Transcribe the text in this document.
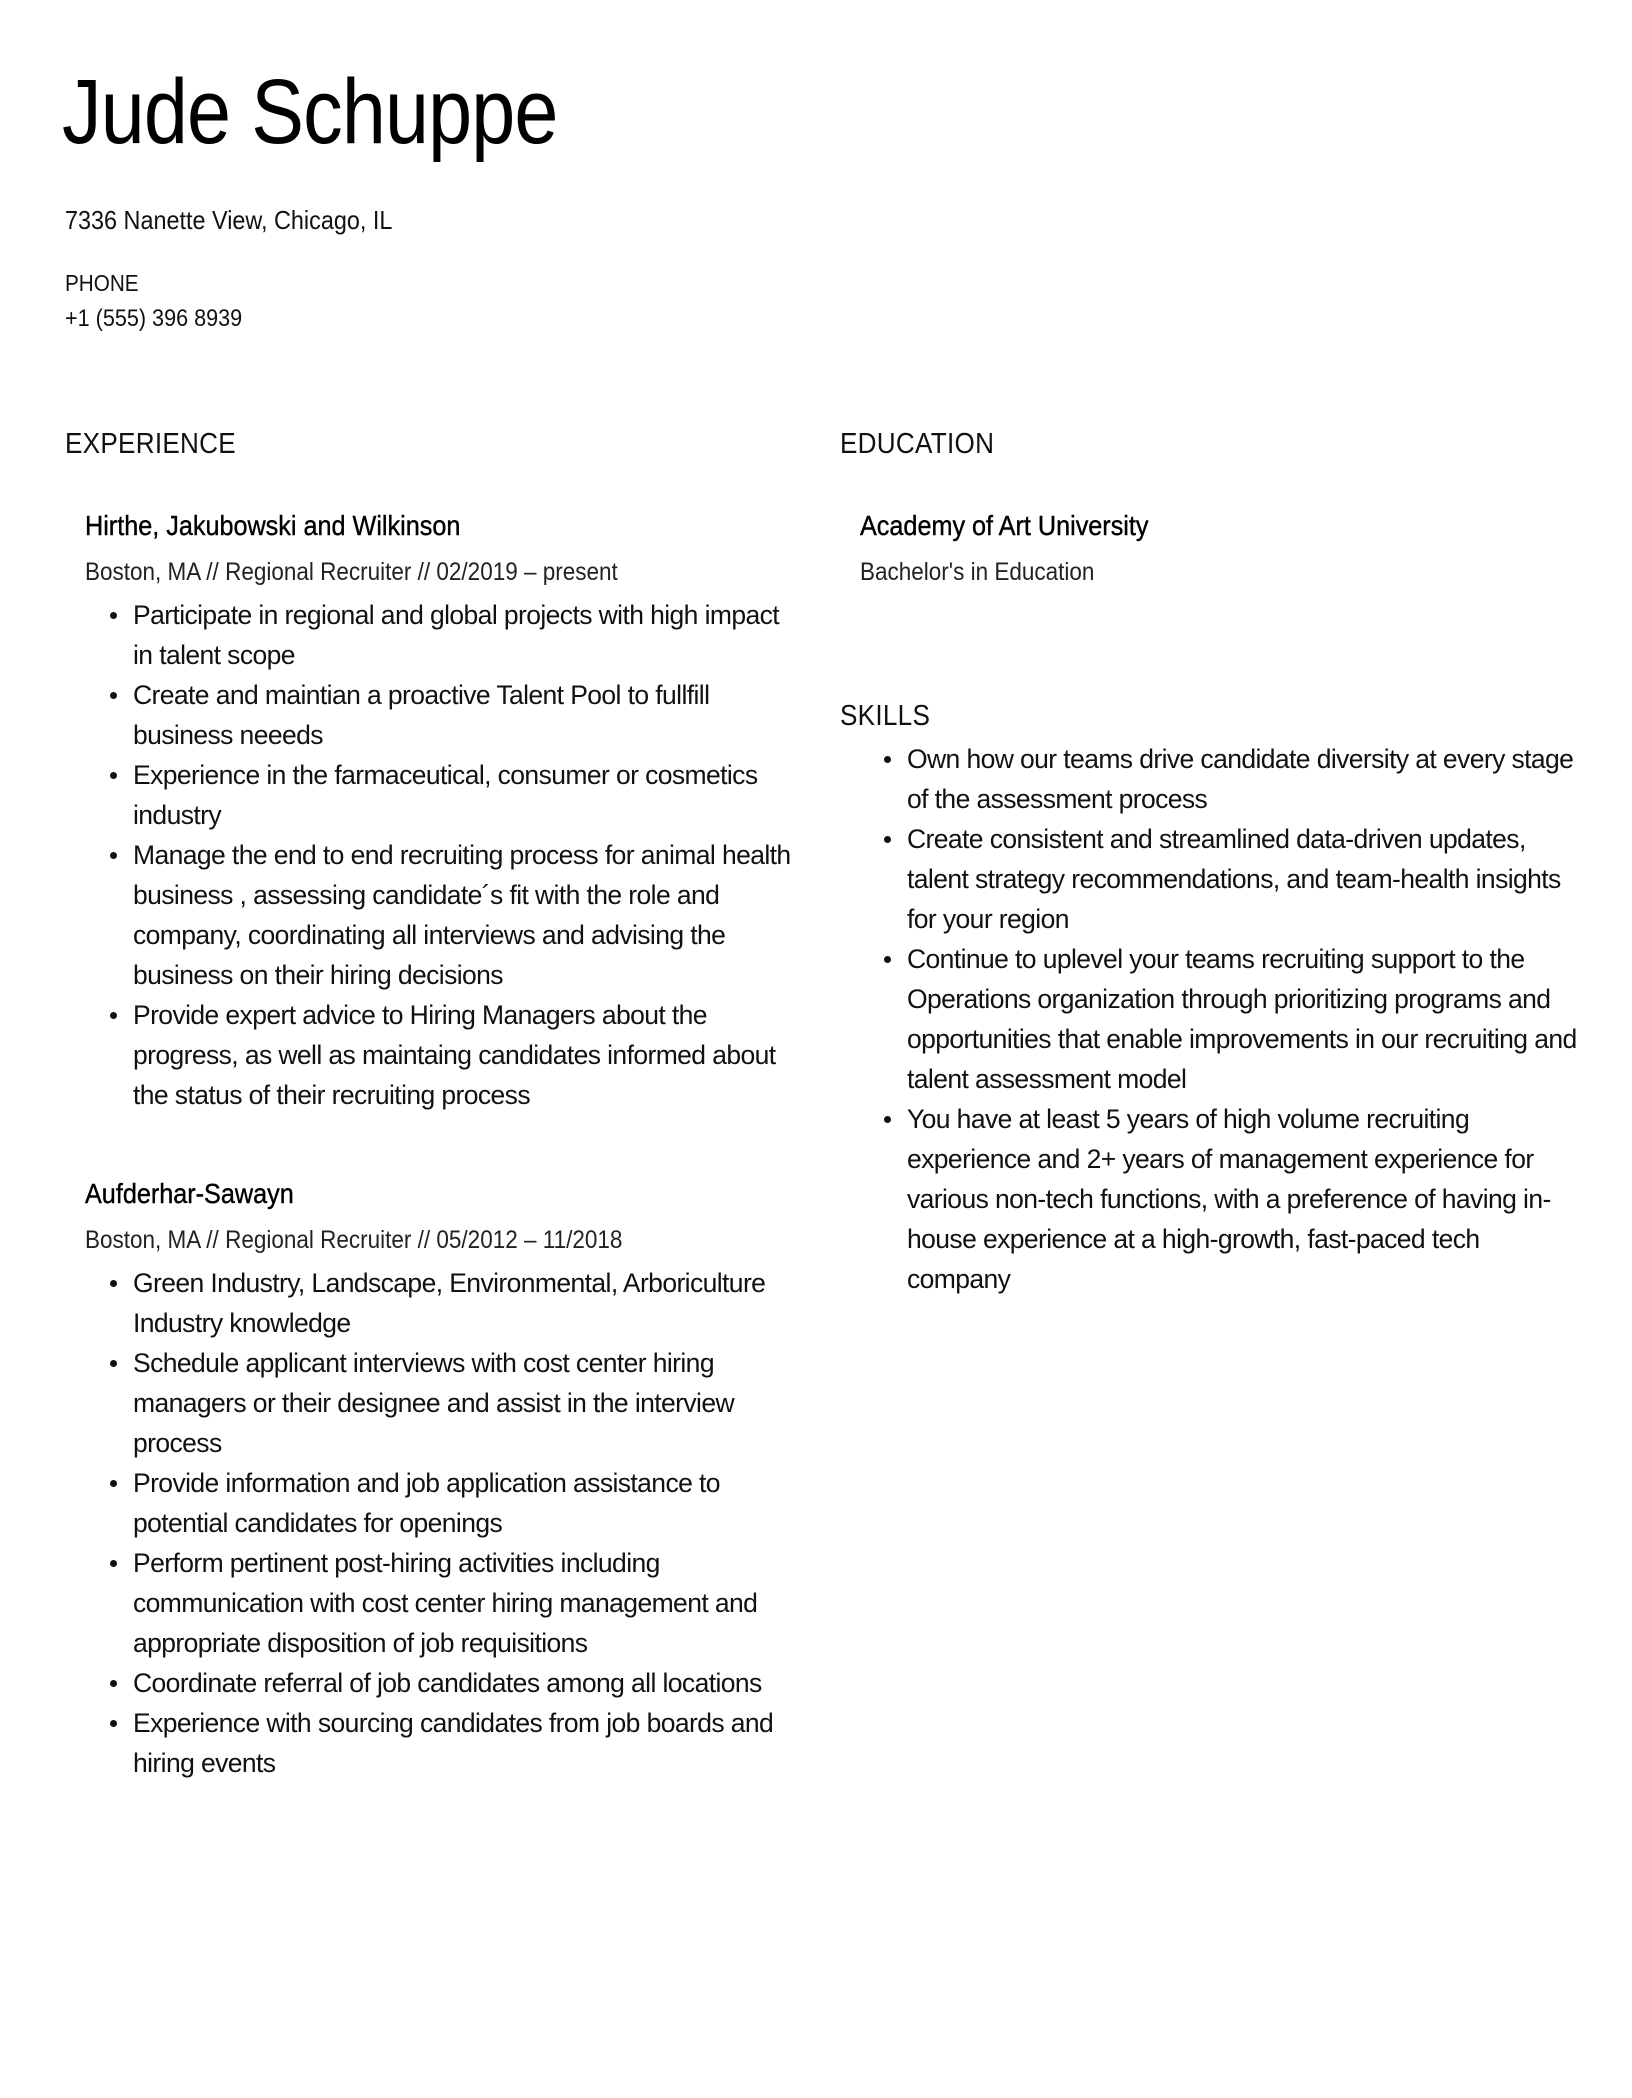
Jude Schuppe
7336 Nanette View, Chicago, IL
PHONE
+1 (555) 396 8939
EXPERIENCE
Hirthe, Jakubowski and Wilkinson
Boston, MA // Regional Recruiter // 02/2019 – present
Participate in regional and global projects with high impact in talent scope
Create and maintian a proactive Talent Pool to fullfill business neeeds
Experience in the farmaceutical, consumer or cosmetics industry
Manage the end to end recruiting process for animal health business , assessing candidate´s fit with the role and company, coordinating all interviews and advising the business on their hiring decisions
Provide expert advice to Hiring Managers about the progress, as well as maintaing candidates informed about the status of their recruiting process
Aufderhar-Sawayn
Boston, MA // Regional Recruiter // 05/2012 – 11/2018
Green Industry, Landscape, Environmental, Arboriculture Industry knowledge
Schedule applicant interviews with cost center hiring managers or their designee and assist in the interview process
Provide information and job application assistance to potential candidates for openings
Perform pertinent post-hiring activities including communication with cost center hiring management and appropriate disposition of job requisitions
Coordinate referral of job candidates among all locations
Experience with sourcing candidates from job boards and hiring events
EDUCATION
Academy of Art University
Bachelor's in Education
SKILLS
Own how our teams drive candidate diversity at every stage of the assessment process
Create consistent and streamlined data-driven updates, talent strategy recommendations, and team-health insights for your region
Continue to uplevel your teams recruiting support to the Operations organization through prioritizing programs and opportunities that enable improvements in our recruiting and talent assessment model
You have at least 5 years of high volume recruiting experience and 2+ years of management experience for various non-tech functions, with a preference of having in-house experience at a high-growth, fast-paced tech company
